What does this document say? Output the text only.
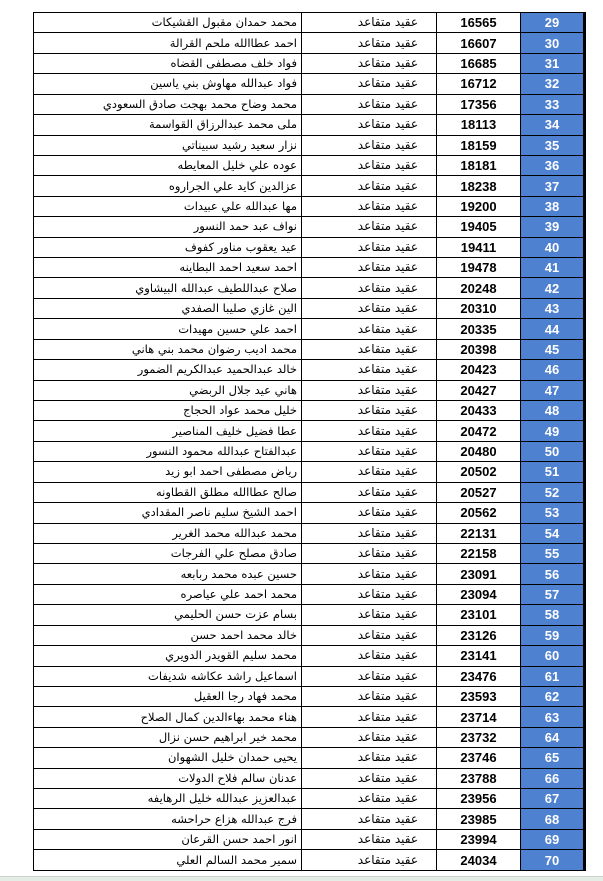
محمد حمدان مقبول القشيكات	عقيد متقاعد	16565	29
احمد عطاالله ملحم القرالة	عقيد متقاعد	16607	30
فواد خلف مصطفى القضاه	عقيد متقاعد	16685	31
فواد عبدالله مهاوش بني ياسين	عقيد متقاعد	16712	32
محمد وضاح محمد بهجت صادق السعودي	عقيد متقاعد	17356	33
ملى محمد عبدالرزاق القواسمة	عقيد متقاعد	18113	34
نزار سعيد رشيد سبيناتي	عقيد متقاعد	18159	35
عوده علي خليل المعايطه	عقيد متقاعد	18181	36
عزالدين كايد علي الجراروه	عقيد متقاعد	18238	37
مها عبدالله علي عبيدات	عقيد متقاعد	19200	38
نواف عبد حمد النسور	عقيد متقاعد	19405	39
عيد يعقوب مناور كفوف	عقيد متقاعد	19411	40
احمد سعيد احمد البطاينه	عقيد متقاعد	19478	41
صلاح عبداللطيف عبدالله البيشاوي	عقيد متقاعد	20248	42
الين غازي صليبا الصفدي	عقيد متقاعد	20310	43
احمد علي حسين مهيدات	عقيد متقاعد	20335	44
محمد اديب رضوان محمد بني هاني	عقيد متقاعد	20398	45
خالد عبدالحميد عبدالكريم الضمور	عقيد متقاعد	20423	46
هاني عيد جلال الربضي	عقيد متقاعد	20427	47
خليل محمد عواد الحجاج	عقيد متقاعد	20433	48
عطا فضيل خليف المناصير	عقيد متقاعد	20472	49
عبدالفتاح عبدالله محمود النسور	عقيد متقاعد	20480	50
رياض مصطفى احمد ابو زيد	عقيد متقاعد	20502	51
صالح عطاالله مطلق القطاونه	عقيد متقاعد	20527	52
احمد الشيخ سليم ناصر المقدادي	عقيد متقاعد	20562	53
محمد عبدالله محمد الغرير	عقيد متقاعد	22131	54
صادق مصلح علي الفرجات	عقيد متقاعد	22158	55
حسين عبده محمد ربابعه	عقيد متقاعد	23091	56
محمد احمد علي عياصره	عقيد متقاعد	23094	57
بسام عزت حسن الحليمي	عقيد متقاعد	23101	58
خالد محمد احمد حسن	عقيد متقاعد	23126	59
محمد سليم القويدر الدويري	عقيد متقاعد	23141	60
اسماعيل راشد عكاشه شديفات	عقيد متقاعد	23476	61
محمد فهاد رجا العقيل	عقيد متقاعد	23593	62
هناء محمد بهاءالدين كمال الصلاح	عقيد متقاعد	23714	63
محمد خير ابراهيم حسن نزال	عقيد متقاعد	23732	64
يحيى حمدان خليل الشهوان	عقيد متقاعد	23746	65
عدنان سالم فلاح الدولات	عقيد متقاعد	23788	66
عبدالعزيز عبدالله خليل الرهايفه	عقيد متقاعد	23956	67
فرج عبدالله هزاع حراحشه	عقيد متقاعد	23985	68
انور احمد حسن القرعان	عقيد متقاعد	23994	69
سمير محمد السالم العلي	عقيد متقاعد	24034	70
